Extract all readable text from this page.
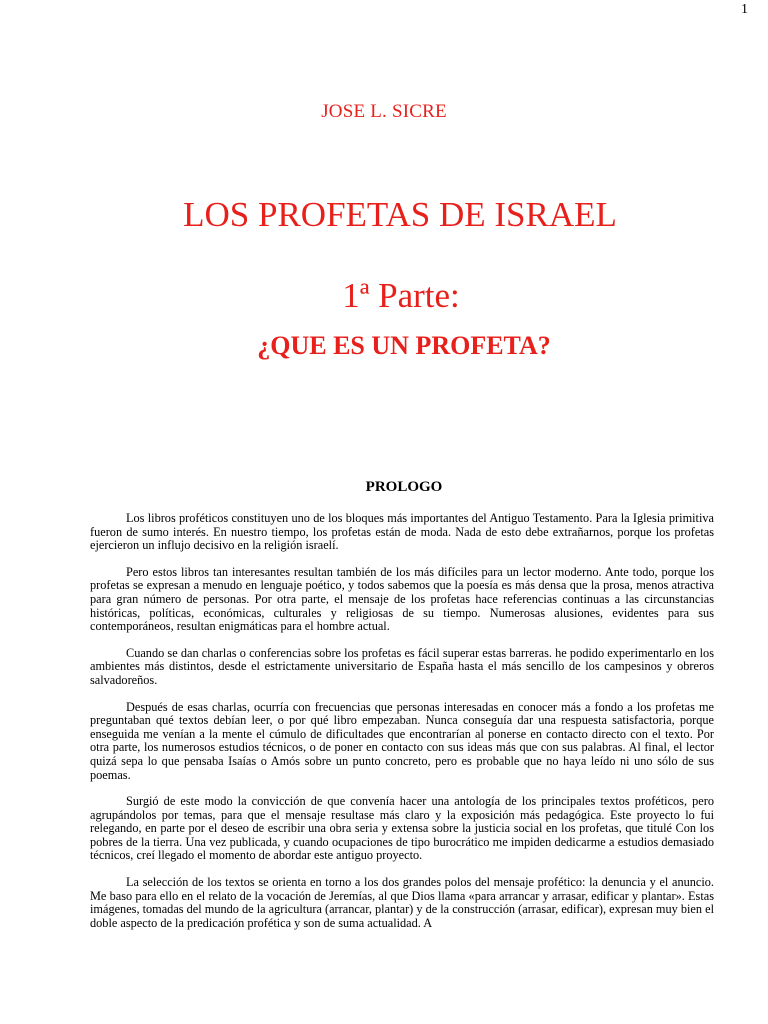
1
JOSE L. SICRE
LOS PROFETAS DE ISRAEL
1ª Parte:
¿QUE ES UN PROFETA?
PROLOGO

Los libros proféticos constituyen uno de los bloques más importantes del Antiguo Testamento. Para la Iglesia primitiva fueron de sumo interés. En nuestro tiempo, los profetas están de moda. Nada de esto debe extrañarnos, porque los profetas ejercieron un influjo decisivo en la religión israelí.

Pero estos libros tan interesantes resultan también de los más difíciles para un lector moderno. Ante todo, porque los profetas se expresan a menudo en lenguaje poético, y todos sabemos que la poesía es más densa que la prosa, menos atractiva para gran número de personas. Por otra parte, el mensaje de los profetas hace referencias continuas a las circunstancias históricas, políticas, económicas, culturales y religiosas de su tiempo. Numerosas alusiones, evidentes para sus contemporáneos, resultan enigmáticas para el hombre actual.

Cuando se dan charlas o conferencias sobre los profetas es fácil superar estas barreras. he podido experimentarlo en los ambientes más distintos, desde el estrictamente universitario de España hasta el más sencillo de los campesinos y obreros salvadoreños.

Después de esas charlas, ocurría con frecuencias que personas interesadas en conocer más a fondo a los profetas me preguntaban qué textos debían leer, o por qué libro empezaban. Nunca conseguía dar una respuesta satisfactoria, porque enseguida me venían a la mente el cúmulo de dificultades que encontrarían al ponerse en contacto directo con el texto. Por otra parte, los numerosos estudios técnicos, o de poner en contacto con sus ideas más que con sus palabras. Al final, el lector quizá sepa lo que pensaba Isaías o Amós sobre un punto concreto, pero es probable que no haya leído ni uno sólo de sus poemas.

Surgió de este modo la convicción de que convenía hacer una antología de los principales textos proféticos, pero agrupándolos por temas, para que el mensaje resultase más claro y la exposición más pedagógica. Este proyecto lo fui relegando, en parte por el deseo de escribir una obra seria y extensa sobre la justicia social en los profetas, que titulé Con los pobres de la tierra. Una vez publicada, y cuando ocupaciones de tipo burocrático me impiden dedicarme a estudios demasiado técnicos, creí llegado el momento de abordar este antiguo proyecto.

La selección de los textos se orienta en torno a los dos grandes polos del mensaje profético: la denuncia y el anuncio. Me baso para ello en el relato de la vocación de Jeremías, al que Dios llama «para arrancar y arrasar, edificar y plantar». Estas imágenes, tomadas del mundo de la agricultura (arrancar, plantar) y de la construcción (arrasar, edificar), expresan muy bien el doble aspecto de la predicación profética y son de suma actualidad. A
